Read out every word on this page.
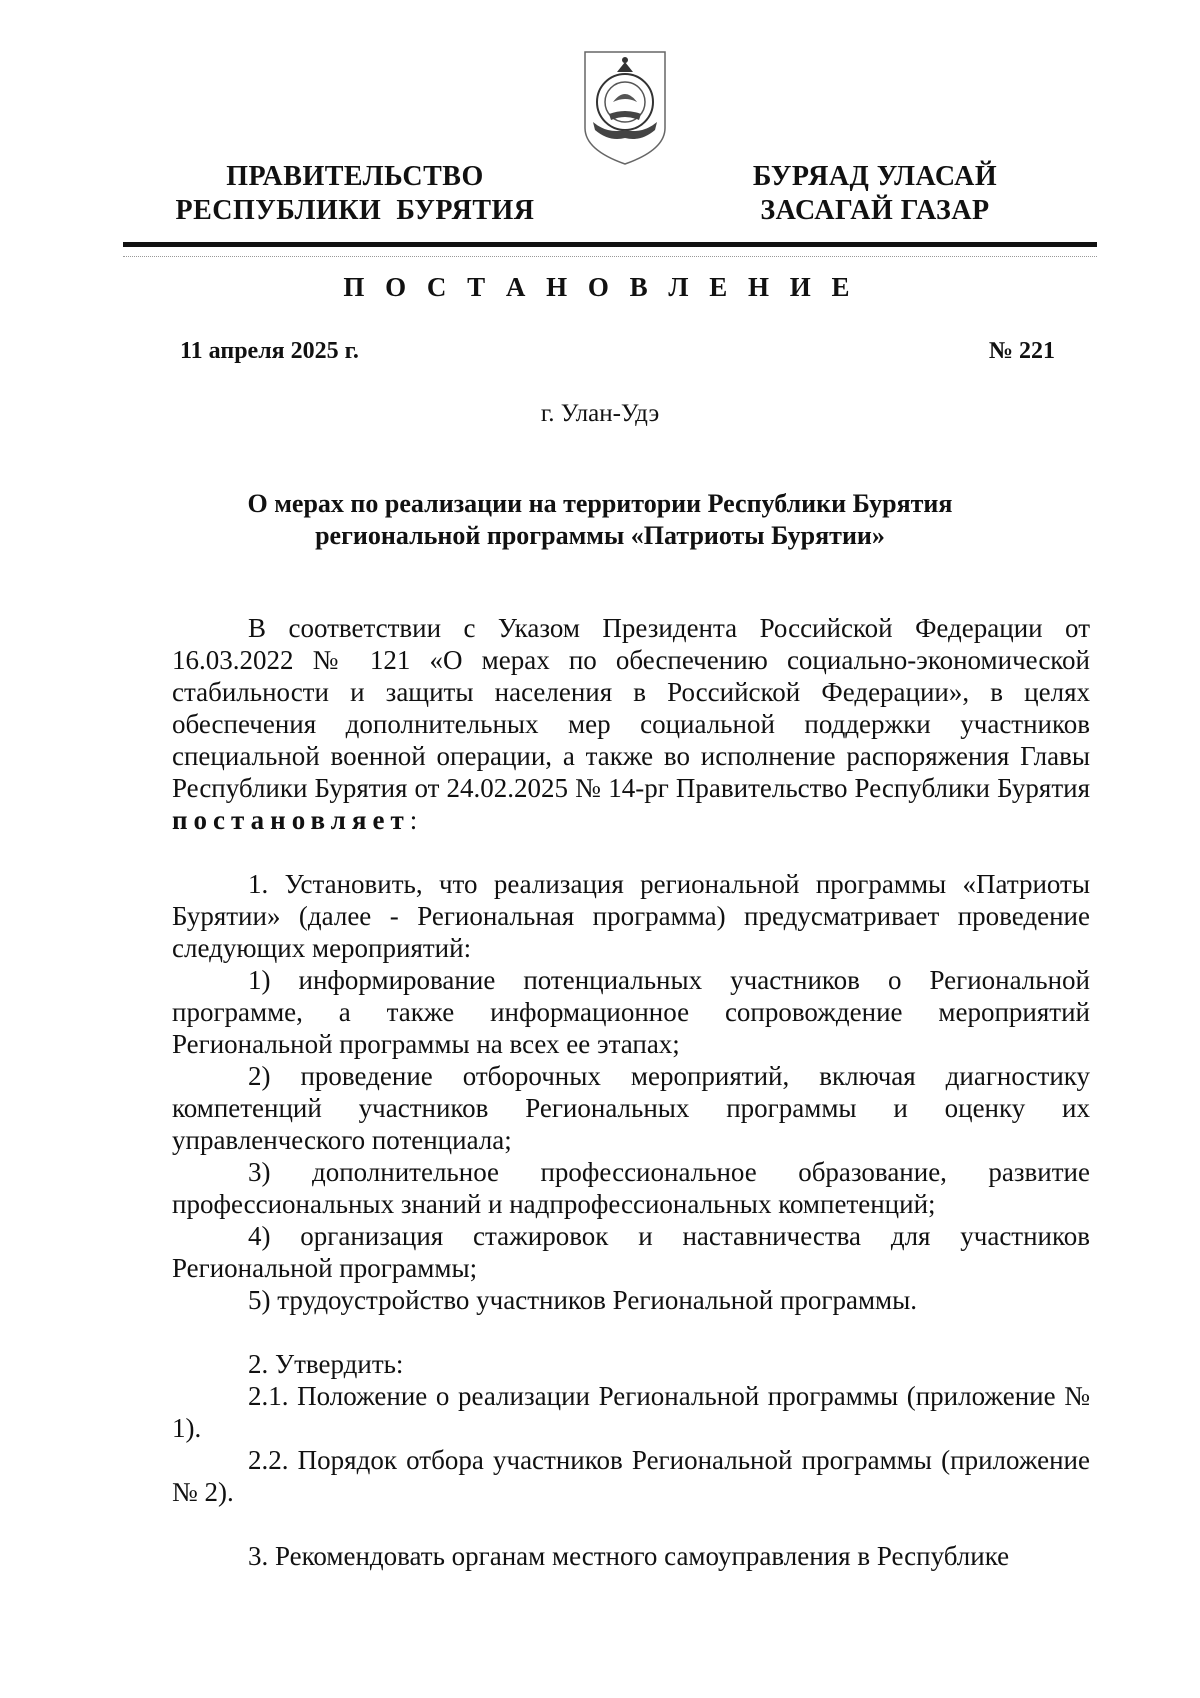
ПРАВИТЕЛЬСТВО
РЕСПУБЛИКИ  БУРЯТИЯ
БУРЯАД УЛАСАЙ
ЗАСАГАЙ ГАЗАР
П О С Т А Н О В Л Е Н И Е
11 апреля 2025 г.	№ 221
г. Улан-Удэ
О мерах по реализации на территории Республики Бурятия
региональной программы «Патриоты Бурятии»

В соответствии с Указом Президента Российской Федерации от 16.03.2022 № 121 «О мерах по обеспечению социально-экономической стабильности и защиты населения в Российской Федерации», в целях обеспечения дополнительных мер социальной поддержки участников специальной военной операции, а также во исполнение распоряжения Главы Республики Бурятия от 24.02.2025 № 14-рг Правительство Республики Бурятия постановляет:

1. Установить, что реализация региональной программы «Патриоты Бурятии» (далее - Региональная программа) предусматривает проведение следующих мероприятий:

1) информирование потенциальных участников о Региональной программе, а также информационное сопровождение мероприятий Региональной программы на всех ее этапах;

2) проведение отборочных мероприятий, включая диагностику компетенций участников Региональных программы и оценку их управленческого потенциала;

3) дополнительное профессиональное образование, развитие профессиональных знаний и надпрофессиональных компетенций;

4) организация стажировок и наставничества для участников Региональной программы;

5) трудоустройство участников Региональной программы.

2. Утвердить:

2.1. Положение о реализации Региональной программы (приложение № 1).

2.2. Порядок отбора участников Региональной программы (приложение № 2).

3. Рекомендовать органам местного самоуправления в Республике
